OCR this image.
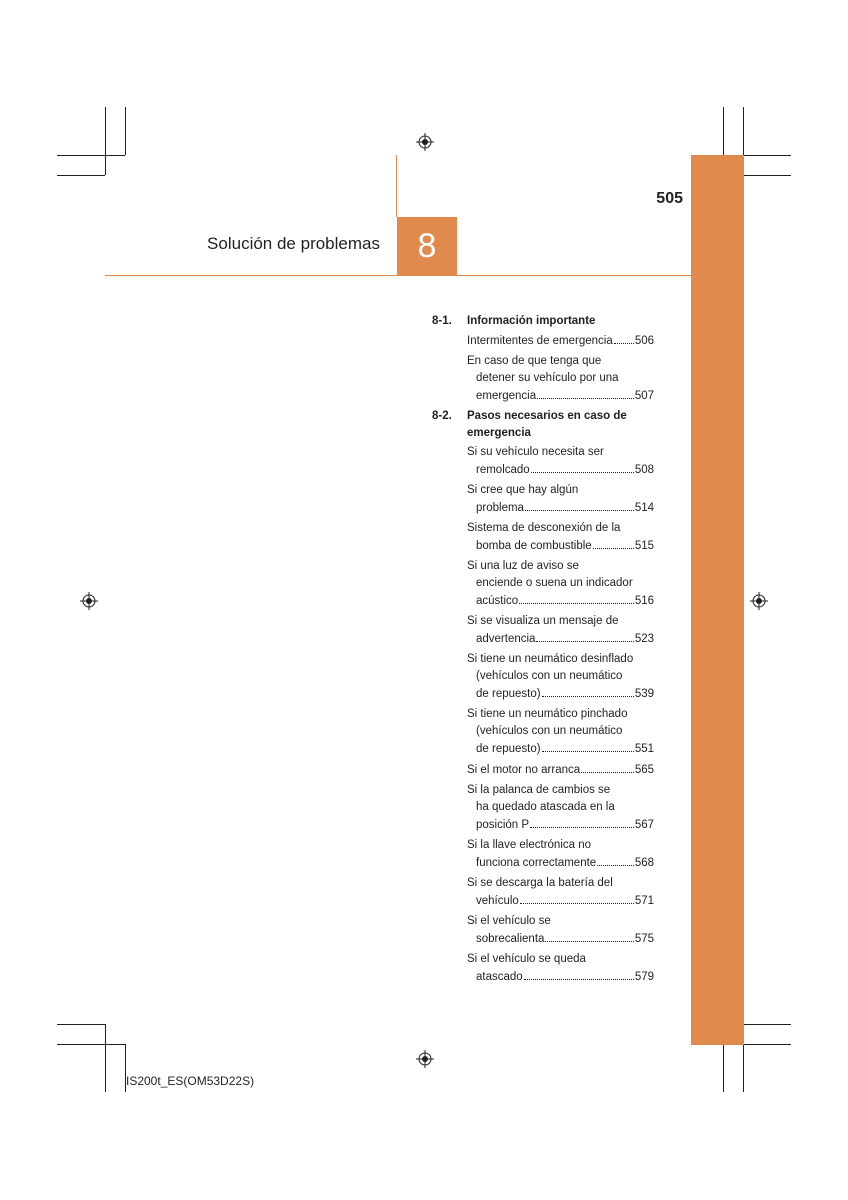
505
Solución de problemas	8
8-1.	Información importante
Intermitentes de emergencia 506
En caso de que tenga que
detener su vehículo por una
emergencia	507
8-2.	Pasos necesarios en caso de emergencia
Si su vehículo necesita ser
remolcado	508
Si cree que hay algún
problema	514
Sistema de desconexión de la
bomba de combustible	515
Si una luz de aviso se
enciende o suena un indicador
acústico	516
Si se visualiza un mensaje de
advertencia	523
Si tiene un neumático desinflado
(vehículos con un neumático
de repuesto)	539
Si tiene un neumático pinchado
(vehículos con un neumático
de repuesto)	551
Si el motor no arranca	565
Si la palanca de cambios se
ha quedado atascada en la
posición P	567
Si la llave electrónica no
funciona correctamente	568
Si se descarga la batería del
vehículo	571
Si el vehículo se
sobrecalienta	575
Si el vehículo se queda
atascado	579
IS200t_ES(OM53D22S)
